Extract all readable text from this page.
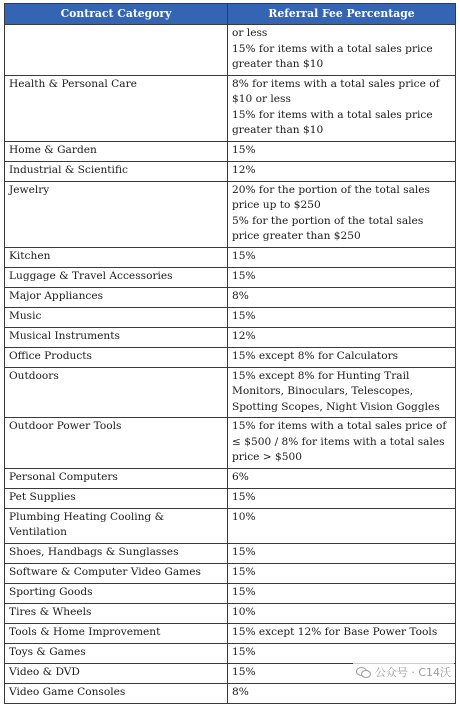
Contract Category	Referral Fee Percentage
	or less
15% for items with a total sales price greater than $10
Health & Personal Care	8% for items with a total sales price of $10 or less
15% for items with a total sales price greater than $10
Home & Garden	15%
Industrial & Scientific	12%
Jewelry	20% for the portion of the total sales price up to $250
5% for the portion of the total sales price greater than $250
Kitchen	15%
Luggage & Travel Accessories	15%
Major Appliances	8%
Music	15%
Musical Instruments	12%
Office Products	15% except 8% for Calculators
Outdoors	15% except 8% for Hunting Trail Monitors, Binoculars, Telescopes, Spotting Scopes, Night Vision Goggles
Outdoor Power Tools	15% for items with a total sales price of ≤ $500 / 8% for items with a total sales price > $500
Personal Computers	6%
Pet Supplies	15%
Plumbing Heating Cooling & Ventilation	10%
Shoes, Handbags & Sunglasses	15%
Software & Computer Video Games	15%
Sporting Goods	15%
Tires & Wheels	10%
Tools & Home Improvement	15% except 12% for Base Power Tools
Toys & Games	15%
Video & DVD	15%
Video Game Consoles	8%
公众号 · C14沃
